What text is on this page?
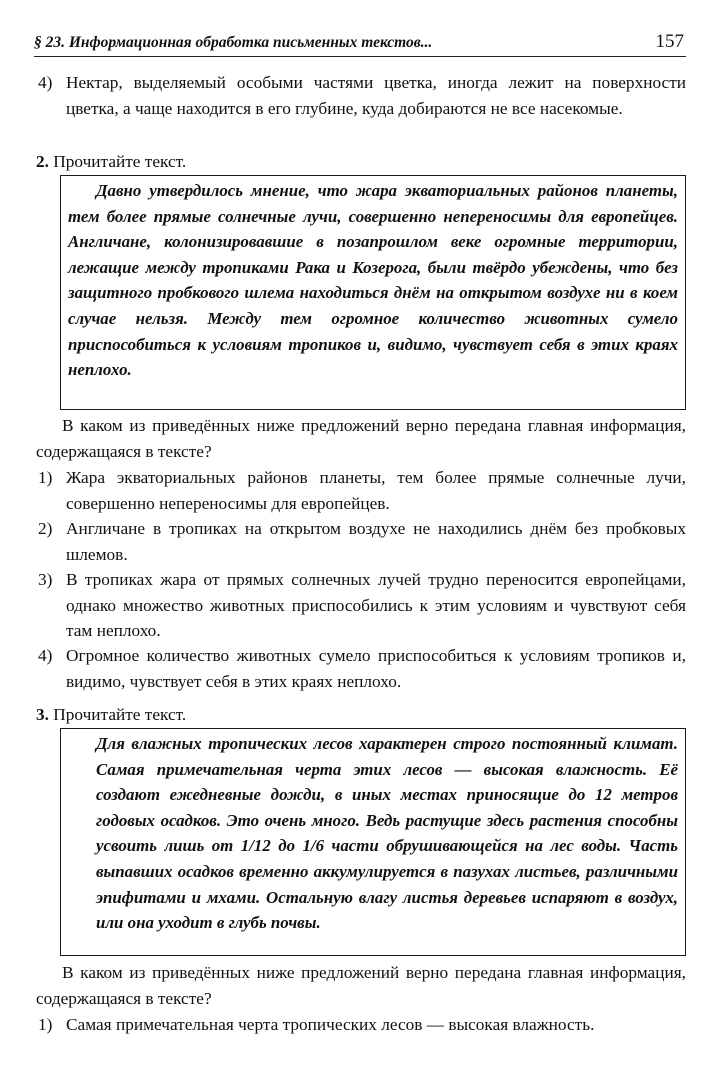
§ 23. Информационная обработка письменных текстов...	157
4) Нектар, выделяемый особыми частями цветка, иногда лежит на поверхности цветка, а чаще находится в его глубине, куда добираются не все насекомые.
2. Прочитайте текст.

Давно утвердилось мнение, что жара экваториальных районов планеты, тем более прямые солнечные лучи, совершенно непереносимы для европейцев. Англичане, колонизировавшие в позапрошлом веке огромные территории, лежащие между тропиками Рака и Козерога, были твёрдо убеждены, что без защитного пробкового шлема находиться днём на открытом воздухе ни в коем случае нельзя. Между тем огромное количество животных сумело приспособиться к условиям тропиков и, видимо, чувствует себя в этих краях неплохо.

В каком из приведённых ниже предложений верно передана главная информация, содержащаяся в тексте?
1) Жара экваториальных районов планеты, тем более прямые солнечные лучи, совершенно непереносимы для европейцев.
2) Англичане в тропиках на открытом воздухе не находились днём без пробковых шлемов.
3) В тропиках жара от прямых солнечных лучей трудно переносится европейцами, однако множество животных приспособились к этим условиям и чувствуют себя там неплохо.
4) Огромное количество животных сумело приспособиться к условиям тропиков и, видимо, чувствует себя в этих краях неплохо.
3. Прочитайте текст.

Для влажных тропических лесов характерен строго постоянный климат. Самая примечательная черта этих лесов — высокая влажность. Её создают ежедневные дожди, в иных местах приносящие до 12 метров годовых осадков. Это очень много. Ведь растущие здесь растения способны усвоить лишь от 1/12 до 1/6 части обрушивающейся на лес воды. Часть выпавших осадков временно аккумулируется в пазухах листьев, различными эпифитами и мхами. Остальную влагу листья деревьев испаряют в воздух, или она уходит в глубь почвы.

В каком из приведённых ниже предложений верно передана главная информация, содержащаяся в тексте?
1) Самая примечательная черта тропических лесов — высокая влажность.
